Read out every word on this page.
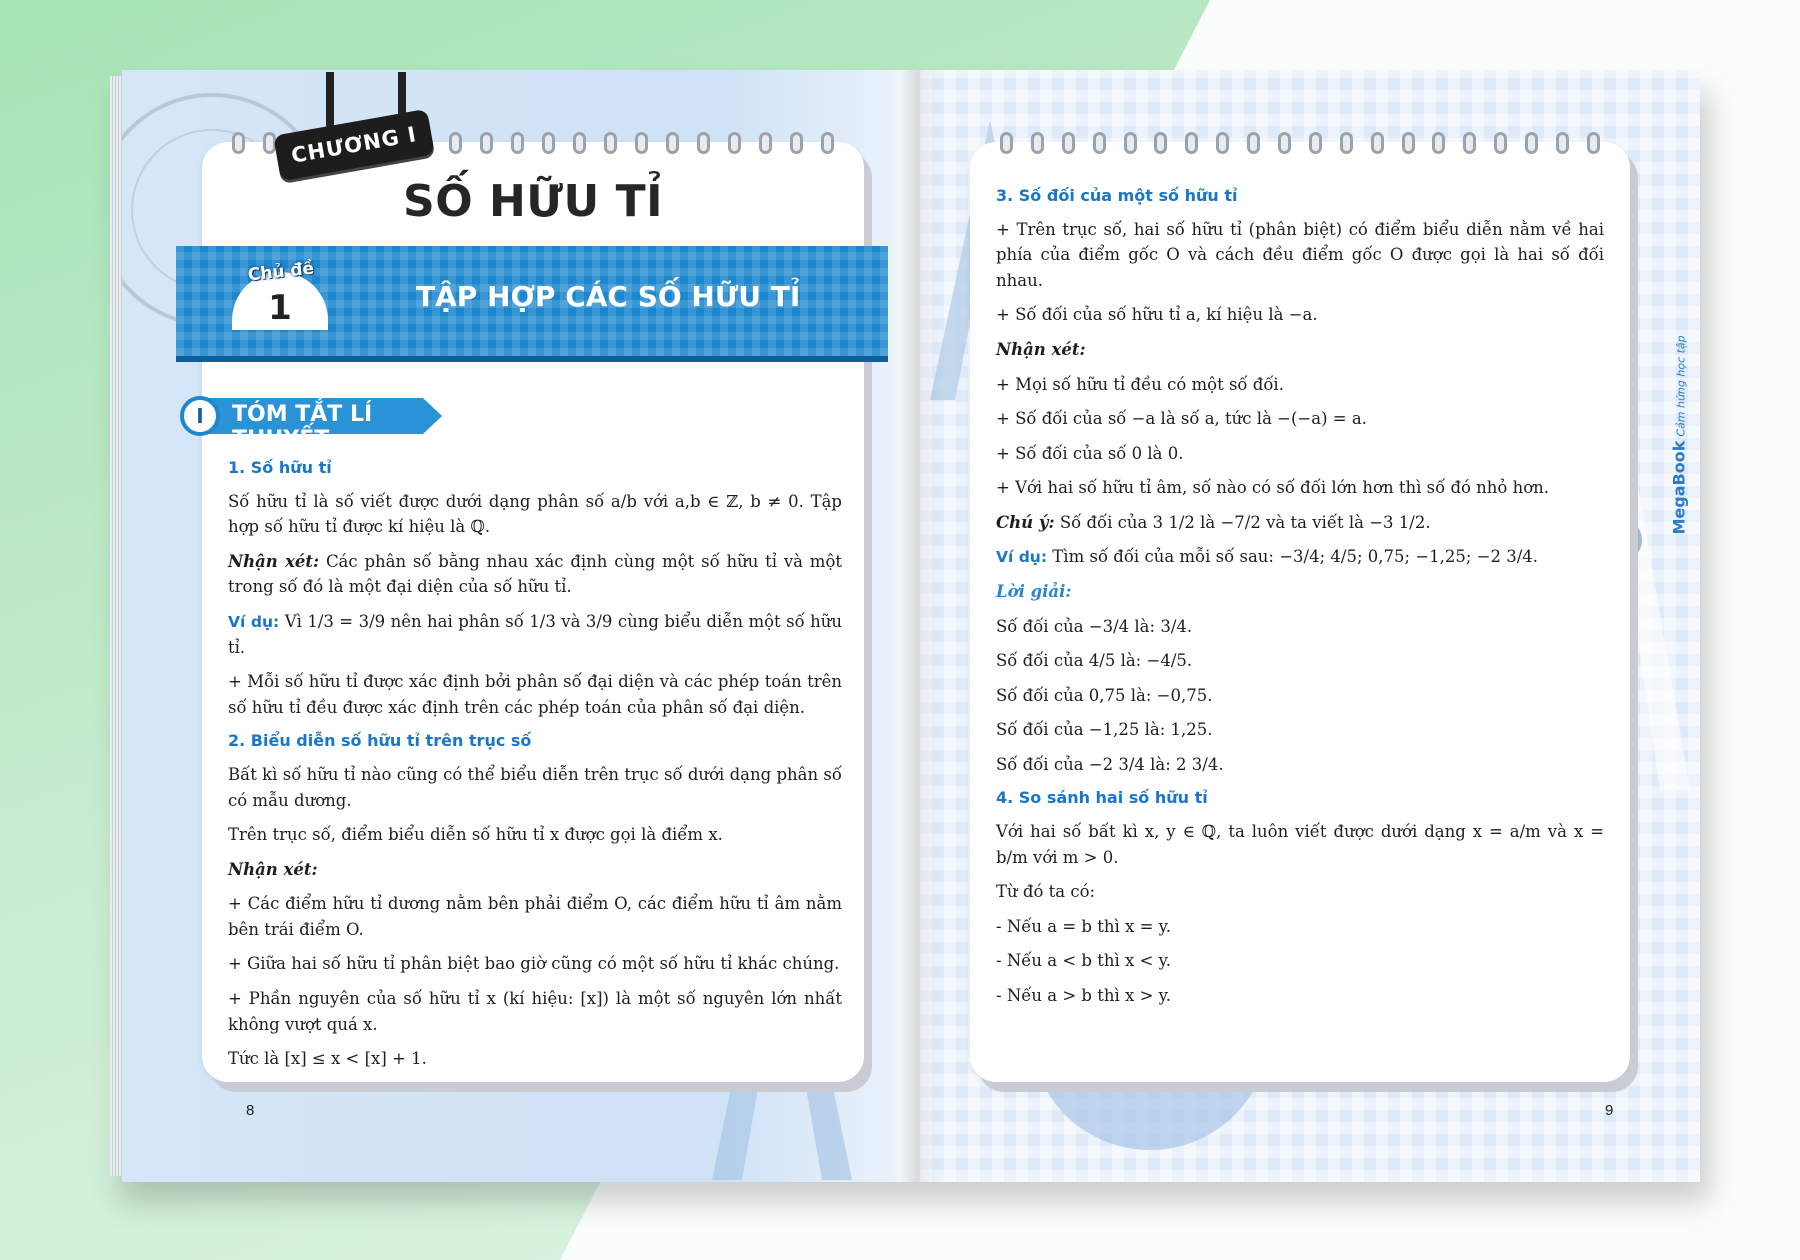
CHƯƠNG I
SỐ HỮU TỈ
TẬP HỢP CÁC SỐ HỮU TỈ
Chủ đề
1
I	TÓM TẮT LÍ THUYẾT
1. Số hữu tỉ

Số hữu tỉ là số viết được dưới dạng phân số a/b với a,b ∈ ℤ, b ≠ 0. Tập hợp số hữu tỉ được kí hiệu là ℚ.

Nhận xét: Các phân số bằng nhau xác định cùng một số hữu tỉ và một trong số đó là một đại diện của số hữu tỉ.

Ví dụ: Vì 1/3 = 3/9 nên hai phân số 1/3 và 3/9 cùng biểu diễn một số hữu tỉ.

+ Mỗi số hữu tỉ được xác định bởi phân số đại diện và các phép toán trên số hữu tỉ đều được xác định trên các phép toán của phân số đại diện.

2. Biểu diễn số hữu tỉ trên trục số

Bất kì số hữu tỉ nào cũng có thể biểu diễn trên trục số dưới dạng phân số có mẫu dương.

Trên trục số, điểm biểu diễn số hữu tỉ x được gọi là điểm x.

Nhận xét:

+ Các điểm hữu tỉ dương nằm bên phải điểm O, các điểm hữu tỉ âm nằm bên trái điểm O.

+ Giữa hai số hữu tỉ phân biệt bao giờ cũng có một số hữu tỉ khác chúng.

+ Phần nguyên của số hữu tỉ x (kí hiệu: [x]) là một số nguyên lớn nhất không vượt quá x.

Tức là [x] ≤ x < [x] + 1.

8
3. Số đối của một số hữu tỉ

+ Trên trục số, hai số hữu tỉ (phân biệt) có điểm biểu diễn nằm về hai phía của điểm gốc O và cách đều điểm gốc O được gọi là hai số đối nhau.

+ Số đối của số hữu tỉ a, kí hiệu là −a.

Nhận xét:

+ Mọi số hữu tỉ đều có một số đối.

+ Số đối của số −a là số a, tức là −(−a) = a.

+ Số đối của số 0 là 0.

+ Với hai số hữu tỉ âm, số nào có số đối lớn hơn thì số đó nhỏ hơn.

Chú ý: Số đối của 3 1/2 là −7/2 và ta viết là −3 1/2.

Ví dụ: Tìm số đối của mỗi số sau: −3/4; 4/5; 0,75; −1,25; −2 3/4.

Lời giải:

Số đối của −3/4 là: 3/4.

Số đối của 4/5 là: −4/5.

Số đối của 0,75 là: −0,75.

Số đối của −1,25 là: 1,25.

Số đối của −2 3/4 là: 2 3/4.

4. So sánh hai số hữu tỉ

Với hai số bất kì x, y ∈ ℚ, ta luôn viết được dưới dạng x = a/m và x = b/m với m > 0.

Từ đó ta có:

- Nếu a = b thì x = y.

- Nếu a < b thì x < y.

- Nếu a > b thì x > y.

9
MegaBookCảm hứng học tập
